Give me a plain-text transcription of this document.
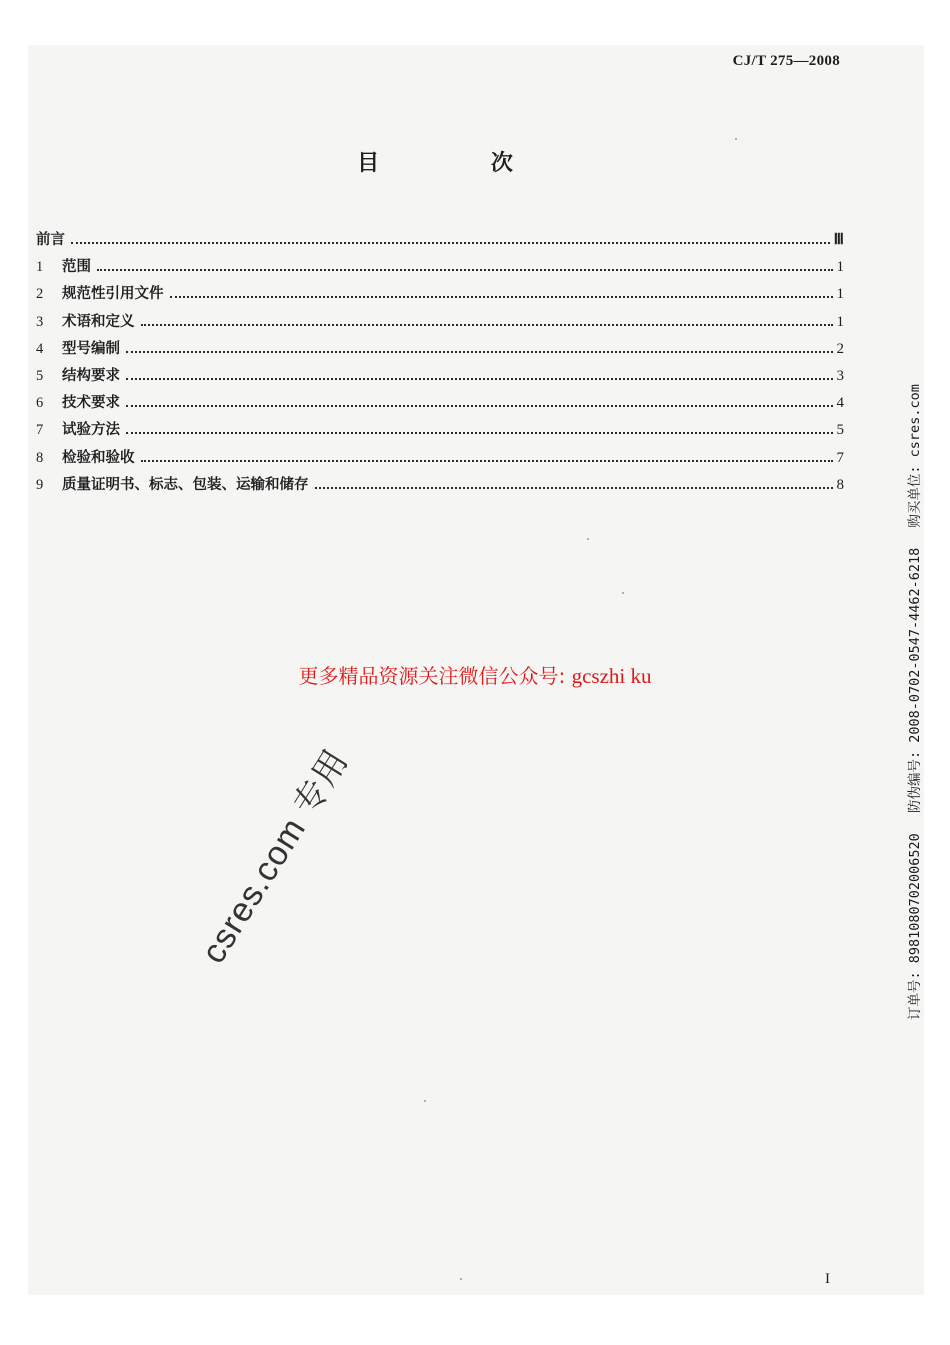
CJ/T 275—2008
目 次
前言	Ⅲ
1	范围	1
2	规范性引用文件	1
3	术语和定义	1
4	型号编制	2
5	结构要求	3
6	技术要求	4
7	试验方法	5
8	检验和验收	7
9	质量证明书、标志、包装、运输和储存	8
更多精品资源关注微信公众号: gcszhi ku
csres.com 专用	订单号: 8981080702006520 防伪编号: 2008-0702-0547-4462-6218 购买单位: csres.com
I
